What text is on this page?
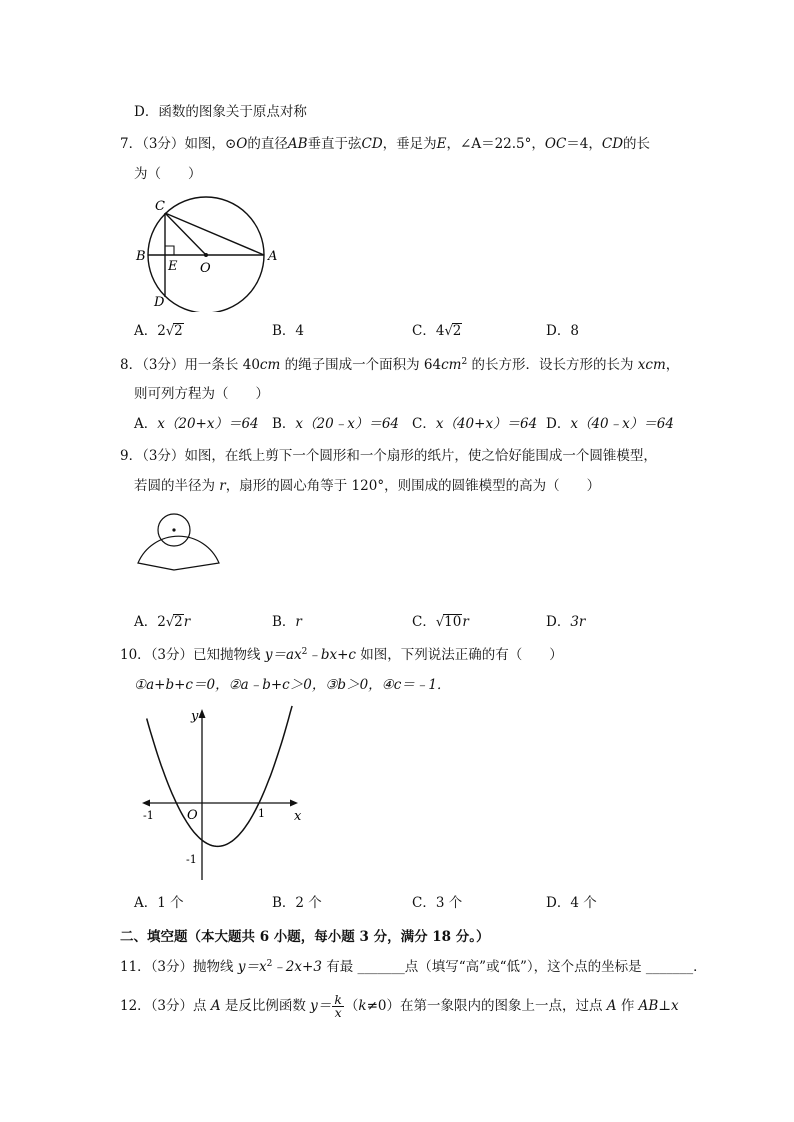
D．函数的图象关于原点对称
7．（3分）如图，⊙O的直径AB垂直于弦CD，垂足为E，∠A＝22.5°，OC＝4，CD的长
为（　　）
C
B
E O
A
D
A．2√2	B．4	C．4√2	D．8
8．（3分）用一条长 40cm 的绳子围成一个面积为 $64cm^2$ 的长方形．设长方形的长为 xcm，
则可列方程为（　　）
A．x（20+x）＝64 B．x（20﹣x）＝64 C．x（40+x）＝64 D．x（40﹣x）＝64
9．（3分）如图，在纸上剪下一个圆形和一个扇形的纸片，使之恰好能围成一个圆锥模型，
若圆的半径为 r，扇形的圆心角等于 120°，则围成的圆锥模型的高为（　　）
A．2√2r	B．r	C．√10r	D．3r
10．（3分）已知抛物线 $y=ax^2﹣bx+c$ 如图，下列说法正确的有（　　）
①a+b+c＝0，②a﹣b+c＞0，③b＞0，④c＝﹣1．
y
x
O
-1	1
-1
A．1 个	B．2 个	C．3 个	D．4 个
二、填空题（本大题共 6 小题，每小题 3 分，满分 18 分。）
11．（3分）抛物线 $y=x^2﹣2x+3$ 有最 _______点（填写“高”或“低”），这个点的坐标是 _______．
12．（3分）点 A 是反比例函数 $y= \frac{k}{x} (k\ne 0)$在第一象限内的图象上一点，过点 A 作 AB⊥x
